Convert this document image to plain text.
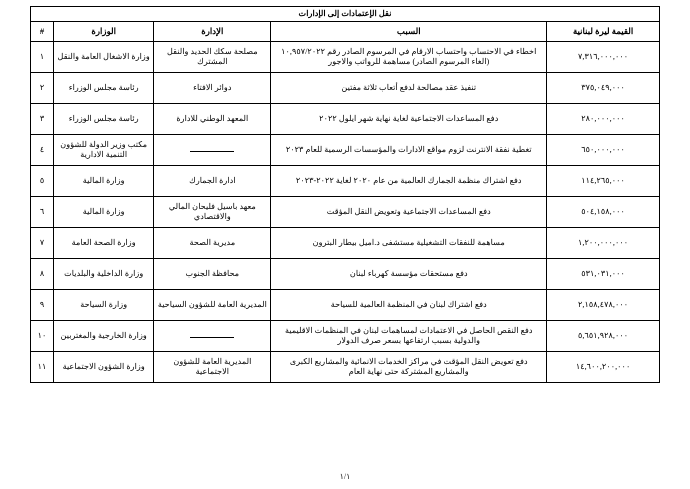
نقل الإعتمادات إلى الإدارات				
القيمة ليرة لبنانية	السبب	الإدارة	الوزارة	#
٧,٣١٦,٠٠٠,٠٠٠	اخطاء في الاحتساب واحتساب الارقام في المرسوم الصادر رقم ١٠,٩٥٧/٢٠٢٢ (الغاء المرسوم الصادر) مساهمة للرواتب والاجور	مصلحة سكك الحديد والنقل المشترك	وزارة الاشغال العامة والنقل	١
٣٧٥,٠٤٩,٠٠٠	تنفيذ عقد مصالحة لدفع أتعاب ثلاثة مفتين	دوائر الافتاء	رئاسة مجلس الوزراء	٢
٢٨٠,٠٠٠,٠٠٠	دفع المساعدات الاجتماعية لغاية نهاية شهر ايلول ٢٠٢٢	المعهد الوطني للادارة	رئاسة مجلس الوزراء	٣
٦٥٠,٠٠٠,٠٠٠	تغطية نفقة الانترنت لزوم مواقع الادارات والمؤسسات الرسمية للعام ٢٠٢٣		مكتب وزير الدولة للشؤون التنمية الادارية	٤
١١٤,٢٦٥,٠٠٠	دفع اشتراك منظمة الجمارك العالمية من عام ٢٠٢٠ لغاية ٢٠٢٢-٢٠٢٣	ادارة الجمارك	وزارة المالية	٥
٥٠٤,١٥٨,٠٠٠	دفع المساعدات الاجتماعية وتعويض النقل المؤقت	معهد باسيل فليحان المالي والاقتصادي	وزارة المالية	٦
١,٢٠٠,٠٠٠,٠٠٠	مساهمة للنفقات التشغيلية مستشفى د.اميل بيطار البترون	مديرية الصحة	وزارة الصحة العامة	٧
٥٣١,٠٣١,٠٠٠	دفع مستحقات مؤسسة كهرباء لبنان	محافظة الجنوب	وزارة الداخلية والبلديات	٨
٢,١٥٨,٤٧٨,٠٠٠	دفع اشتراك لبنان في المنظمة العالمية للسياحة	المديرية العامة للشؤون السياحية	وزارة السياحة	٩
٥,٦٥١,٩٢٨,٠٠٠	دفع النقص الحاصل في الاعتمادات لمساهمات لبنان في المنظمات الاقليمية والدولية بسبب ارتفاعها بسعر صرف الدولار		وزارة الخارجية والمغتربين	١٠
١٤,٦٠٠,٢٠٠,٠٠٠	دفع تعويض النقل المؤقت في مراكز الخدمات الانمائية والمشاريع الكبرى والمشاريع المشتركة حتى نهاية العام	المديرية العامة للشؤون الاجتماعية	وزارة الشؤون الاجتماعية	١١
١/١
